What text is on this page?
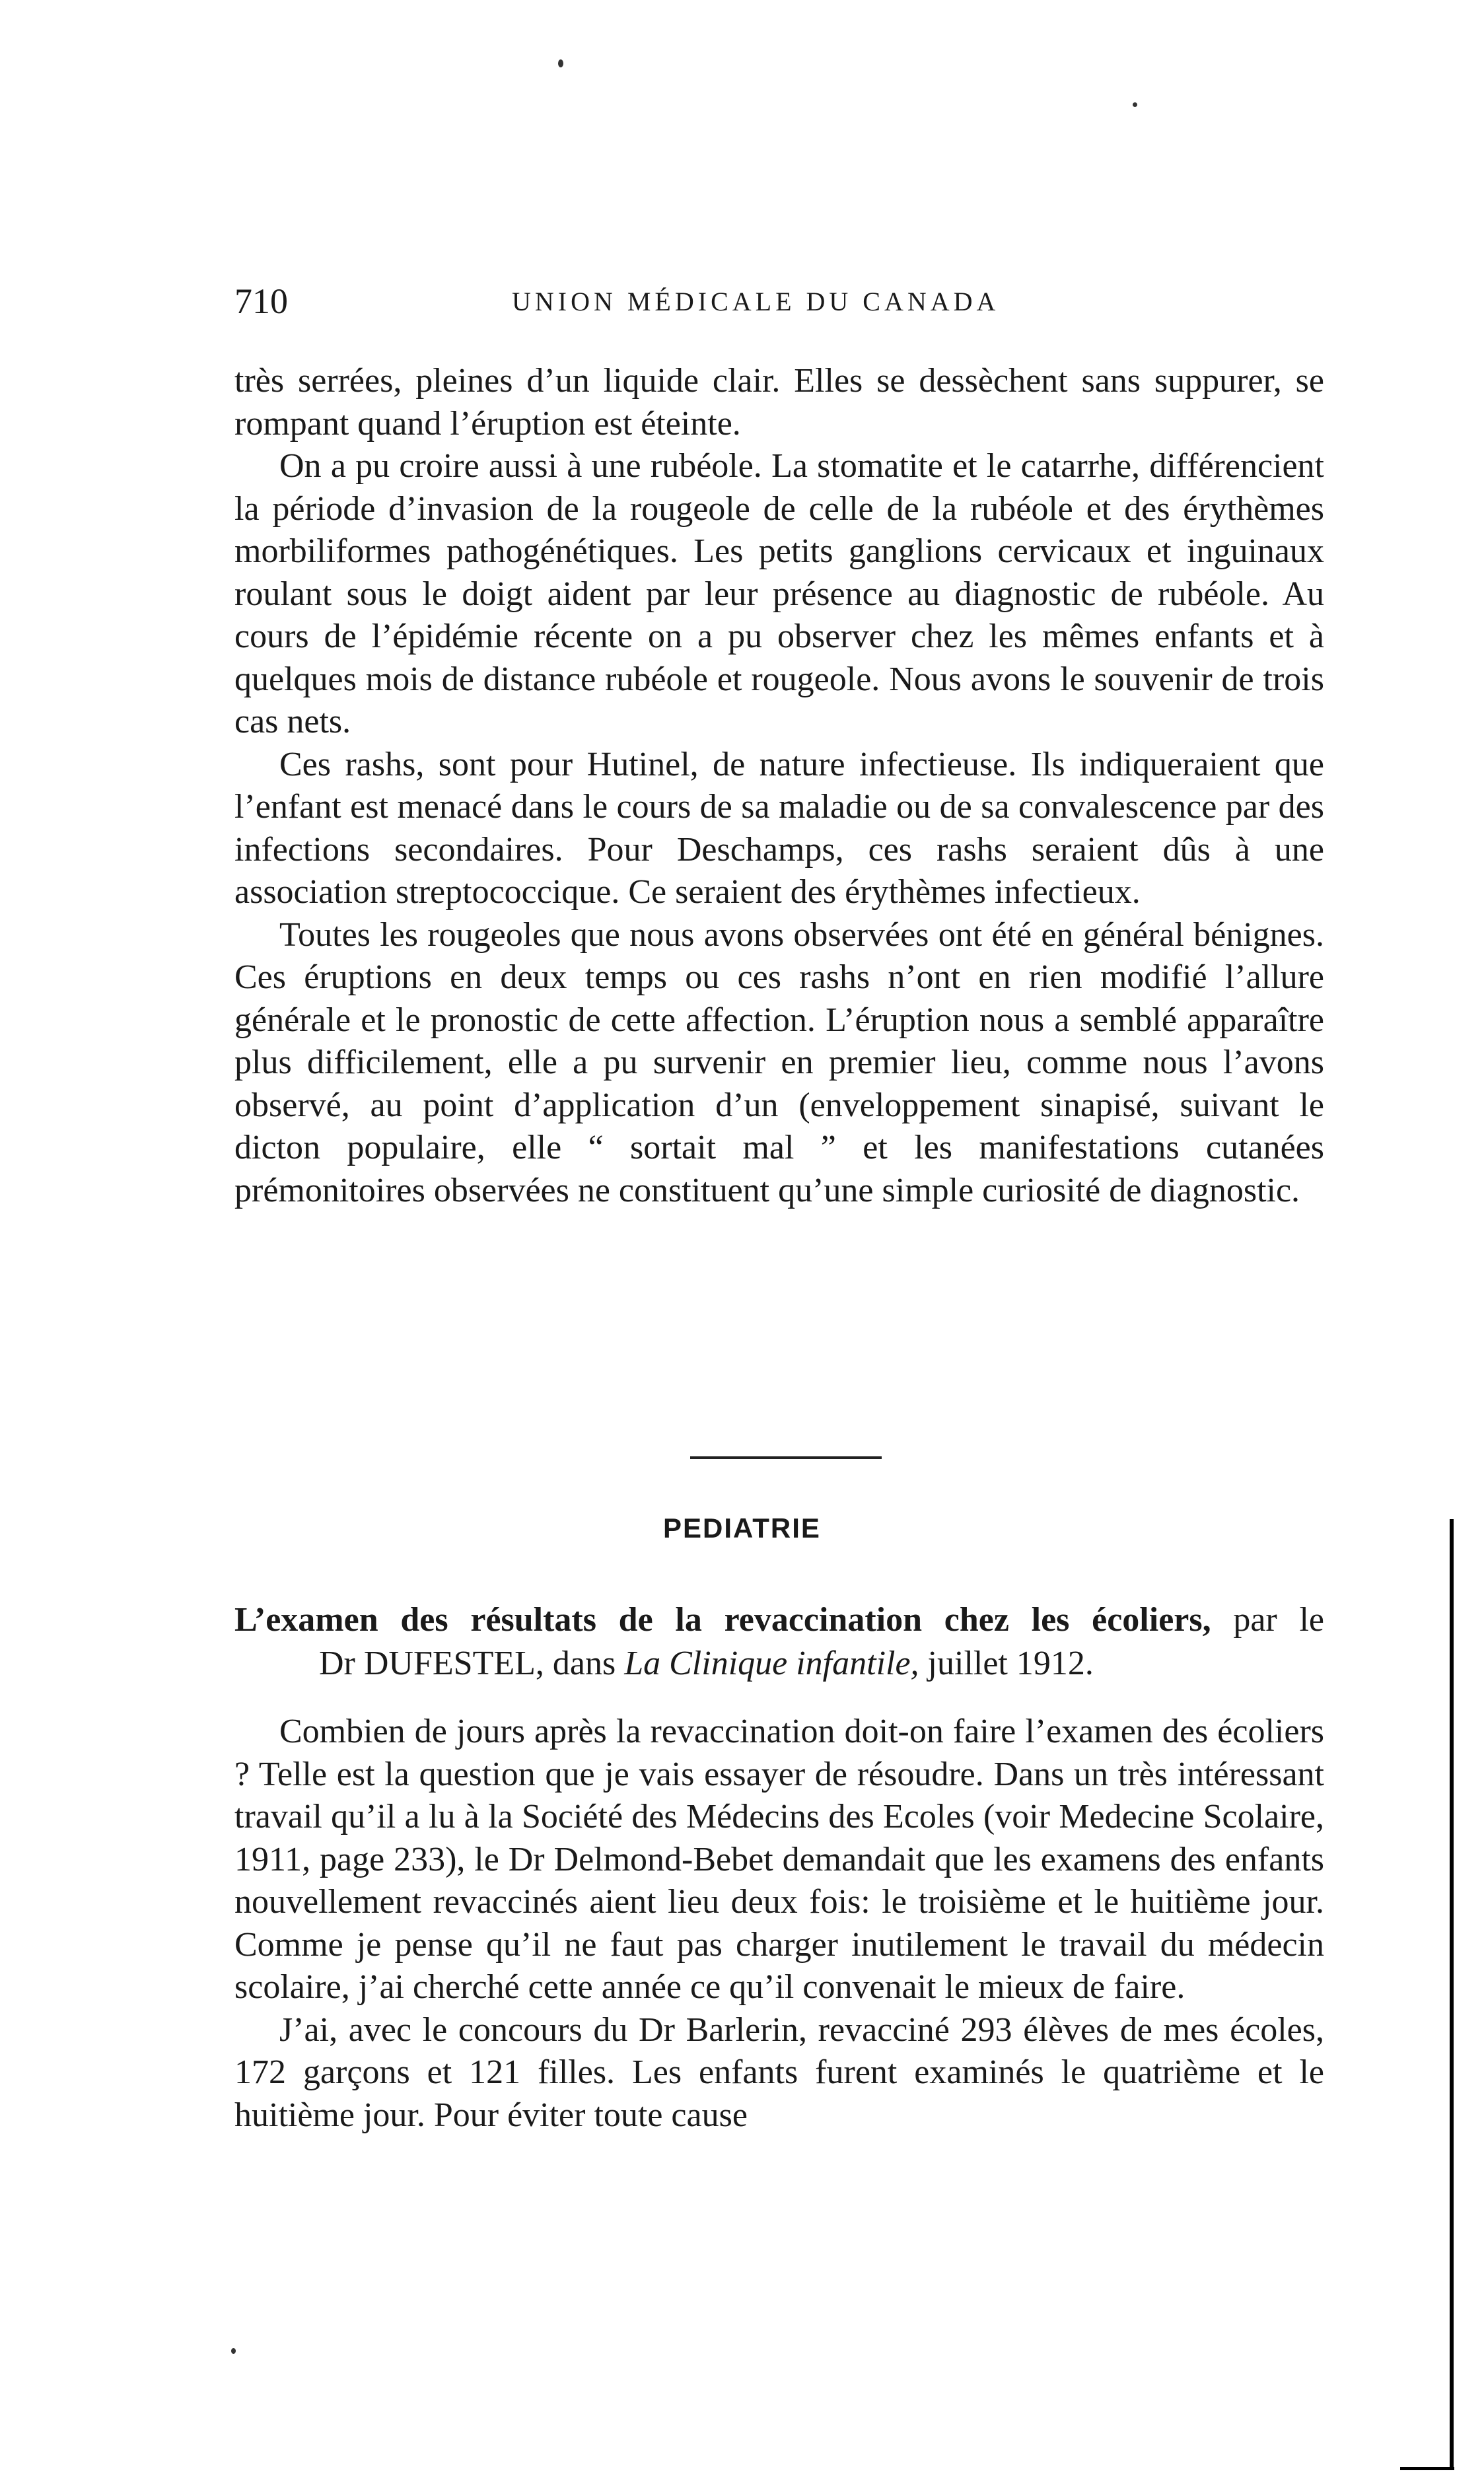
710	UNION MÉDICALE DU CANADA

très serrées, pleines d’un liquide clair. Elles se dessèchent sans suppurer, se rompant quand l’éruption est éteinte.

On a pu croire aussi à une rubéole. La stomatite et le catarrhe, différencient la période d’invasion de la rougeole de celle de la rubéole et des érythèmes morbiliformes pathogénétiques. Les petits ganglions cervicaux et inguinaux roulant sous le doigt aident par leur présence au diagnostic de rubéole. Au cours de l’épidémie récente on a pu observer chez les mêmes enfants et à quelques mois de distance rubéole et rougeole. Nous avons le souvenir de trois cas nets.

Ces rashs, sont pour Hutinel, de nature infectieuse. Ils indiqueraient que l’enfant est menacé dans le cours de sa maladie ou de sa convalescence par des infections secondaires. Pour Deschamps, ces rashs seraient dûs à une association streptococcique. Ce seraient des érythèmes infectieux.

Toutes les rougeoles que nous avons observées ont été en général bénignes. Ces éruptions en deux temps ou ces rashs n’ont en rien modifié l’allure générale et le pronostic de cette affection. L’éruption nous a semblé apparaître plus difficilement, elle a pu survenir en premier lieu, comme nous l’avons observé, au point d’application d’un (enveloppement sinapisé, suivant le dicton populaire, elle “ sortait mal ” et les manifestations cutanées prémonitoires observées ne constituent qu’une simple curiosité de diagnostic.

PEDIATRIE
L’examen des résultats de la revaccination chez les écoliers, par le
Dr DUFESTEL, dans La Clinique infantile, juillet 1912.

Combien de jours après la revaccination doit-on faire l’examen des écoliers ? Telle est la question que je vais essayer de résoudre. Dans un très intéressant travail qu’il a lu à la Société des Médecins des Ecoles (voir Medecine Scolaire, 1911, page 233), le Dr Delmond-Bebet demandait que les examens des enfants nouvellement revaccinés aient lieu deux fois: le troisième et le huitième jour. Comme je pense qu’il ne faut pas charger inutilement le travail du médecin scolaire, j’ai cherché cette année ce qu’il convenait le mieux de faire.

J’ai, avec le concours du Dr Barlerin, revacciné 293 élèves de mes écoles, 172 garçons et 121 filles. Les enfants furent examinés le quatrième et le huitième jour. Pour éviter toute cause
